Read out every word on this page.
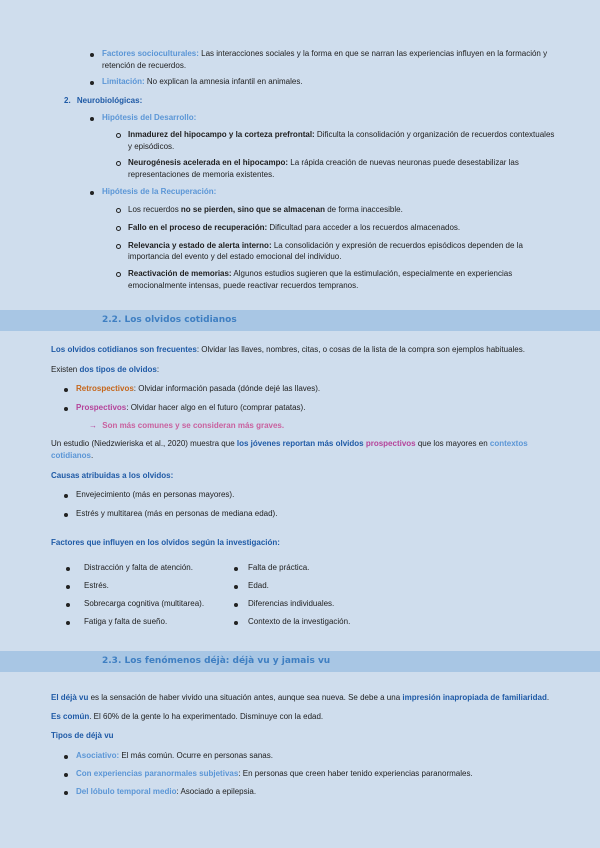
Factores socioculturales: Las interacciones sociales y la forma en que se narran las experiencias influyen en la formación y
retención de recuerdos.
Limitación: No explican la amnesia infantil en animales.
2. Neurobiológicas:
Hipótesis del Desarrollo:
Inmadurez del hipocampo y la corteza prefrontal: Dificulta la consolidación y organización de recuerdos contextuales
y episódicos.
Neurogénesis acelerada en el hipocampo: La rápida creación de nuevas neuronas puede desestabilizar las
representaciones de memoria existentes.
Hipótesis de la Recuperación:
Los recuerdos no se pierden, sino que se almacenan de forma inaccesible.
Fallo en el proceso de recuperación: Dificultad para acceder a los recuerdos almacenados.
Relevancia y estado de alerta interno: La consolidación y expresión de recuerdos episódicos dependen de la
importancia del evento y del estado emocional del individuo.
Reactivación de memorias: Algunos estudios sugieren que la estimulación, especialmente en experiencias
emocionalmente intensas, puede reactivar recuerdos tempranos.
2.2. Los olvidos cotidianos
Los olvidos cotidianos son frecuentes: Olvidar las llaves, nombres, citas, o cosas de la lista de la compra son ejemplos habituales.
Existen dos tipos de olvidos:
Retrospectivos: Olvidar información pasada (dónde dejé las llaves).
Prospectivos: Olvidar hacer algo en el futuro (comprar patatas).
→ Son más comunes y se consideran más graves.
Un estudio (Niedzwieriska et al., 2020) muestra que los jóvenes reportan más olvidos prospectivos que los mayores en contextos
cotidianos.
Causas atribuidas a los olvidos:
Envejecimiento (más en personas mayores).
Estrés y multitarea (más en personas de mediana edad).
Factores que influyen en los olvidos según la investigación:
Distracción y falta de atención.
Estrés.
Sobrecarga cognitiva (multitarea).
Fatiga y falta de sueño.
Falta de práctica.
Edad.
Diferencias individuales.
Contexto de la investigación.
2.3. Los fenómenos déjà: déjà vu y jamais vu
El déjà vu es la sensación de haber vivido una situación antes, aunque sea nueva. Se debe a una impresión inapropiada de familiaridad.
Es común. El 60% de la gente lo ha experimentado. Disminuye con la edad.
Tipos de déjà vu
Asociativo: El más común. Ocurre en personas sanas.
Con experiencias paranormales subjetivas: En personas que creen haber tenido experiencias paranormales.
Del lóbulo temporal medio: Asociado a epilepsia.
